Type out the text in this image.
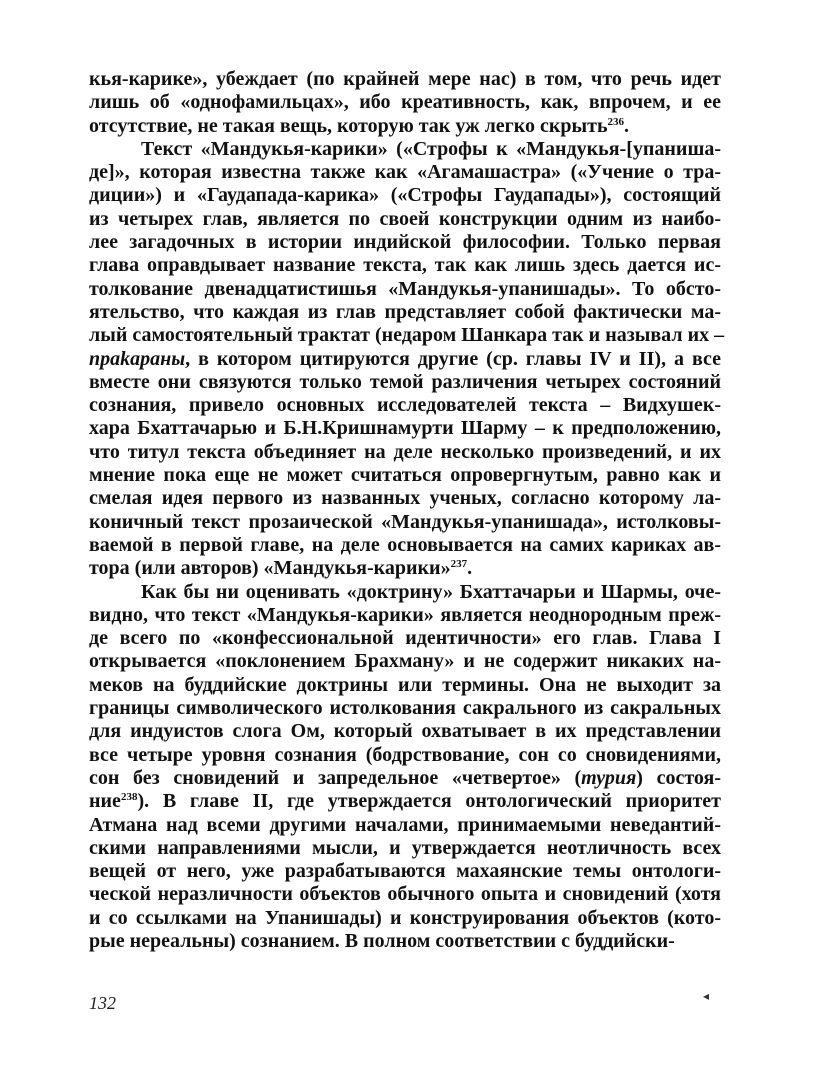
кья-карике», убеждает (по крайней мере нас) в том, что речь идет
лишь об «однофамильцах», ибо креативность, как, впрочем, и ее
отсутствие, не такая вещь, которую так уж легко скрыть$^{236}$.
Текст «Мандукья-карики» («Строфы к «Мандукья-[упаниша-
де]», которая известна также как «Агамашастра» («Учение о тра-
диции») и «Гаудапада-карика» («Строфы Гаудапады»), состоящий
из четырех глав, является по своей конструкции одним из наибо-
лее загадочных в истории индийской философии. Только первая
глава оправдывает название текста, так как лишь здесь дается ис-
толкование двенадцатистишья «Мандукья-упанишады». То обсто-
ятельство, что каждая из глав представляет собой фактически ма-
лый самостоятельный трактат (недаром Шанкара так и называл их –
прakараны, в котором цитируются другие (ср. главы IV и II), а все
вместе они связуются только темой различения четырех состояний
сознания, привело основных исследователей текста – Видхушек-
хара Бхаттачарью и Б.Н.Кришнамурти Шарму – к предположению,
что титул текста объединяет на деле несколько произведений, и их
мнение пока еще не может считаться опровергнутым, равно как и
смелая идея первого из названных ученых, согласно которому ла-
коничный текст прозаической «Мандукья-упанишада», истолковы-
ваемой в первой главе, на деле основывается на самих кариках ав-
тора (или авторов) «Мандукья-карики»$^{237}$.
Как бы ни оценивать «доктрину» Бхаттачарьи и Шармы, оче-
видно, что текст «Мандукья-карики» является неоднородным преж-
де всего по «конфессиональной идентичности» его глав. Глава I
открывается «поклонением Брахману» и не содержит никаких на-
меков на буддийские доктрины или термины. Она не выходит за
границы символического истолкования сакрального из сакральных
для индуистов слога Ом, который охватывает в их представлении
все четыре уровня сознания (бодрствование, сон со сновидениями,
сон без сновидений и запредельное «четвертое» (турия) состоя-
ние$^{238}$). В главе II, где утверждается онтологический приоритет
Атмана над всеми другими началами, принимаемыми неведантий-
скими направлениями мысли, и утверждается неотличность всех
вещей от него, уже разрабатываются махаянские темы онтологи-
ческой неразличности объектов обычного опыта и сновидений (хотя
и со ссылками на Упанишады) и конструирования объектов (кото-
рые нереальны) сознанием. В полном соответствии с буддийски-
132	◂
